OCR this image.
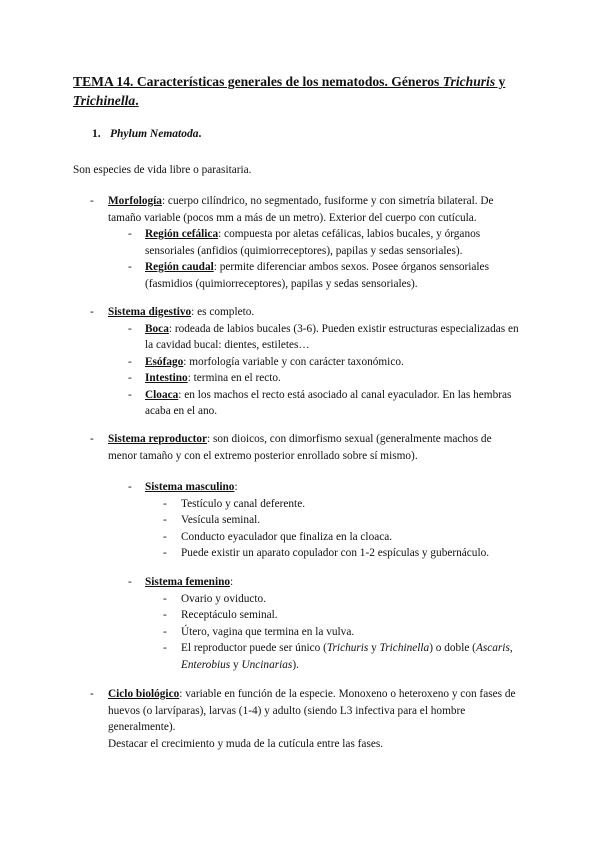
TEMA 14. Características generales de los nematodos. Géneros Trichuris y Trichinella.
1. Phylum Nematoda.

Son especies de vida libre o parasitaria.

- Morfología: cuerpo cilíndrico, no segmentado, fusiforme y con simetría bilateral. De tamaño variable (pocos mm a más de un metro). Exterior del cuerpo con cutícula.
- Región cefálica: compuesta por aletas cefálicas, labios bucales, y órganos sensoriales (anfidios (quimiorreceptores), papilas y sedas sensoriales).
- Región caudal: permite diferenciar ambos sexos. Posee órganos sensoriales (fasmidios (quimiorreceptores), papilas y sedas sensoriales).
- Sistema digestivo: es completo.
- Boca: rodeada de labios bucales (3-6). Pueden existir estructuras especializadas en la cavidad bucal: dientes, estiletes…
- Esófago: morfología variable y con carácter taxonómico.
- Intestino: termina en el recto.
- Cloaca: en los machos el recto está asociado al canal eyaculador. En las hembras acaba en el ano.
- Sistema reproductor: son dioicos, con dimorfismo sexual (generalmente machos de menor tamaño y con el extremo posterior enrollado sobre sí mismo).
- Sistema masculino:
- Testículo y canal deferente.
- Vesícula seminal.
- Conducto eyaculador que finaliza en la cloaca.
- Puede existir un aparato copulador con 1-2 espículas y gubernáculo.
- Sistema femenino:
- Ovario y oviducto.
- Receptáculo seminal.
- Útero, vagina que termina en la vulva.
- El reproductor puede ser único (Trichuris y Trichinella) o doble (Ascaris, Enterobius y Uncinarias).
- Ciclo biológico: variable en función de la especie. Monoxeno o heteroxeno y con fases de huevos (o larvíparas), larvas (1-4) y adulto (siendo L3 infectiva para el hombre generalmente).
Destacar el crecimiento y muda de la cutícula entre las fases.
